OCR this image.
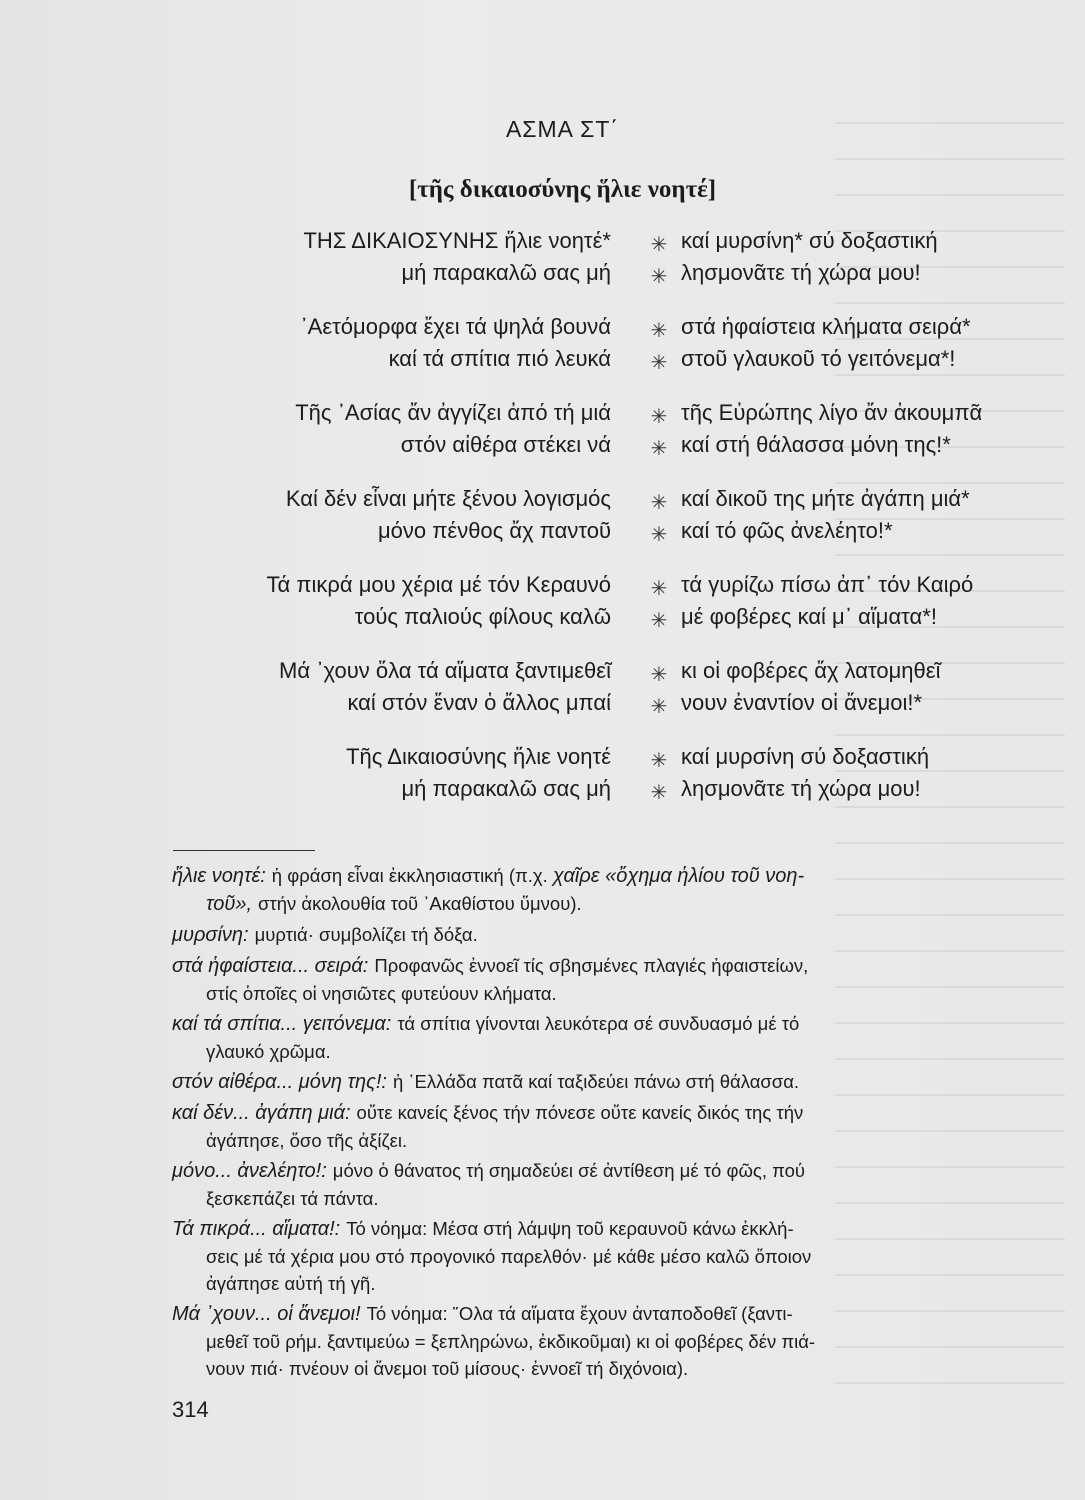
ΑΣΜΑ ΣΤ΄
[τῆς δικαιοσύνης ἥλιε νοητέ]
ΤΗΣ ΔΙΚΑΙΟΣΥΝΗΣ ἥλιε νοητέ* ✳ καί μυρσίνη* σύ δοξαστική
μή παρακαλῶ σας μή ✳ λησμονᾶτε τή χώρα μου!
᾿Αετόμορφα ἔχει τά ψηλά βουνά ✳ στά ἡφαίστεια κλήματα σειρά*
καί τά σπίτια πιό λευκά ✳ στοῦ γλαυκοῦ τό γειτόνεμα*!
Τῆς ᾿Ασίας ἄν ἀγγίζει ἀπό τή μιά ✳ τῆς Εὐρώπης λίγο ἄν ἀκουμπᾶ
στόν αἰθέρα στέκει νά ✳ καί στή θάλασσα μόνη της!*
Καί δέν εἶναι μήτε ξένου λογισμός ✳ καί δικοῦ της μήτε ἀγάπη μιά*
μόνο πένθος ἄχ παντοῦ ✳ καί τό φῶς ἀνελέητο!*
Τά πικρά μου χέρια μέ τόν Κεραυνό ✳ τά γυρίζω πίσω ἀπ᾿ τόν Καιρό
τούς παλιούς φίλους καλῶ ✳ μέ φοβέρες καί μ᾿ αἵματα*!
Μά ᾿χουν ὅλα τά αἵματα ξαντιμεθεῖ ✳ κι οἱ φοβέρες ἄχ λατομηθεῖ
καί στόν ἕναν ὁ ἄλλος μπαί ✳ νουν ἐναντίον οἱ ἄνεμοι!*
Τῆς Δικαιοσύνης ἥλιε νοητέ ✳ καί μυρσίνη σύ δοξαστική
μή παρακαλῶ σας μή ✳ λησμονᾶτε τή χώρα μου!
ἥλιε νοητέ: ἡ φράση εἶναι ἐκκλησιαστική (π.χ. χαῖρε «ὄχημα ἡλίου τοῦ νοη-
τοῦ», στήν ἀκολουθία τοῦ ᾿Ακαθίστου ὕμνου).
μυρσίνη: μυρτιά· συμβολίζει τή δόξα.
στά ἡφαίστεια... σειρά: Προφανῶς ἐννοεῖ τίς σβησμένες πλαγιές ἡφαιστείων,
στίς ὁποῖες οἱ νησιῶτες φυτεύουν κλήματα.
καί τά σπίτια... γειτόνεμα: τά σπίτια γίνονται λευκότερα σέ συνδυασμό μέ τό
γλαυκό χρῶμα.
στόν αἰθέρα... μόνη της!: ἡ ῾Ελλάδα πατᾶ καί ταξιδεύει πάνω στή θάλασσα.
καί δέν... ἀγάπη μιά: οὔτε κανείς ξένος τήν πόνεσε οὔτε κανείς δικός της τήν
ἀγάπησε, ὅσο τῆς ἀξίζει.
μόνο... ἀνελέητο!: μόνο ὁ θάνατος τή σημαδεύει σέ ἀντίθεση μέ τό φῶς, πού
ξεσκεπάζει τά πάντα.
Τά πικρά... αἵματα!: Τό νόημα: Μέσα στή λάμψη τοῦ κεραυνοῦ κάνω ἐκκλή-
σεις μέ τά χέρια μου στό προγονικό παρελθόν· μέ κάθε μέσο καλῶ ὅποιον
ἀγάπησε αὐτή τή γῆ.
Μά ᾿χουν... οἱ ἄνεμοι! Τό νόημα: ῞Ολα τά αἵματα ἔχουν ἀνταποδοθεῖ (ξαντι-
μεθεῖ τοῦ ρήμ. ξαντιμεύω = ξεπληρώνω, ἐκδικοῦμαι) κι οἱ φοβέρες δέν πιά-
νουν πιά· πνέουν οἱ ἄνεμοι τοῦ μίσους· ἐννοεῖ τή διχόνοια).
314
